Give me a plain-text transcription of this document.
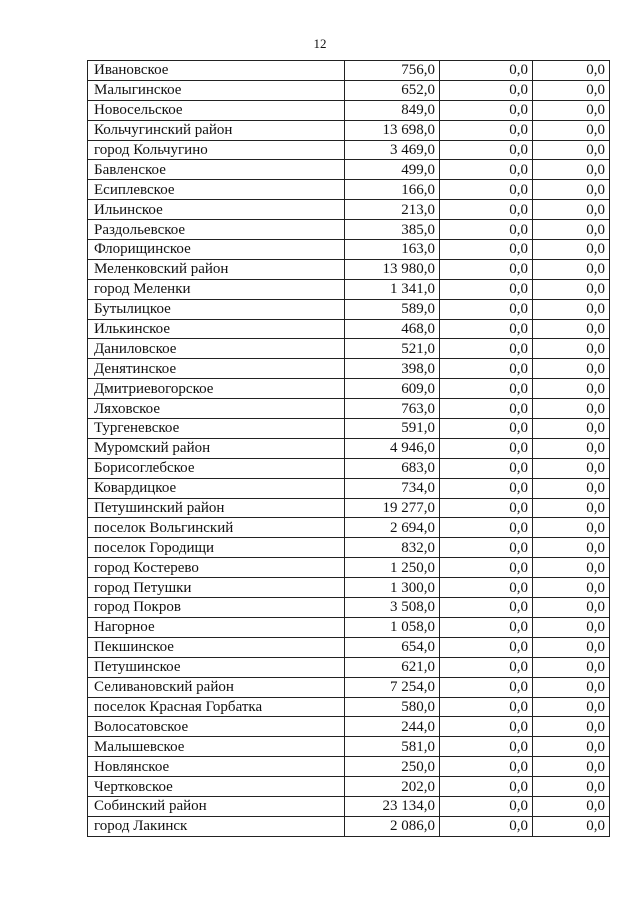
12
Ивановское	756,0	0,0	0,0
Малыгинское	652,0	0,0	0,0
Новосельское	849,0	0,0	0,0
Кольчугинский район	13 698,0	0,0	0,0
город Кольчугино	3 469,0	0,0	0,0
Бавленское	499,0	0,0	0,0
Есиплевское	166,0	0,0	0,0
Ильинское	213,0	0,0	0,0
Раздольевское	385,0	0,0	0,0
Флорищинское	163,0	0,0	0,0
Меленковский район	13 980,0	0,0	0,0
город Меленки	1 341,0	0,0	0,0
Бутылицкое	589,0	0,0	0,0
Илькинское	468,0	0,0	0,0
Даниловское	521,0	0,0	0,0
Денятинское	398,0	0,0	0,0
Дмитриевогорское	609,0	0,0	0,0
Ляховское	763,0	0,0	0,0
Тургеневское	591,0	0,0	0,0
Муромский район	4 946,0	0,0	0,0
Борисоглебское	683,0	0,0	0,0
Ковардицкое	734,0	0,0	0,0
Петушинский район	19 277,0	0,0	0,0
поселок Вольгинский	2 694,0	0,0	0,0
поселок Городищи	832,0	0,0	0,0
город Костерево	1 250,0	0,0	0,0
город Петушки	1 300,0	0,0	0,0
город Покров	3 508,0	0,0	0,0
Нагорное	1 058,0	0,0	0,0
Пекшинское	654,0	0,0	0,0
Петушинское	621,0	0,0	0,0
Селивановский район	7 254,0	0,0	0,0
поселок Красная Горбатка	580,0	0,0	0,0
Волосатовское	244,0	0,0	0,0
Малышевское	581,0	0,0	0,0
Новлянское	250,0	0,0	0,0
Чертковское	202,0	0,0	0,0
Собинский район	23 134,0	0,0	0,0
город Лакинск	2 086,0	0,0	0,0
